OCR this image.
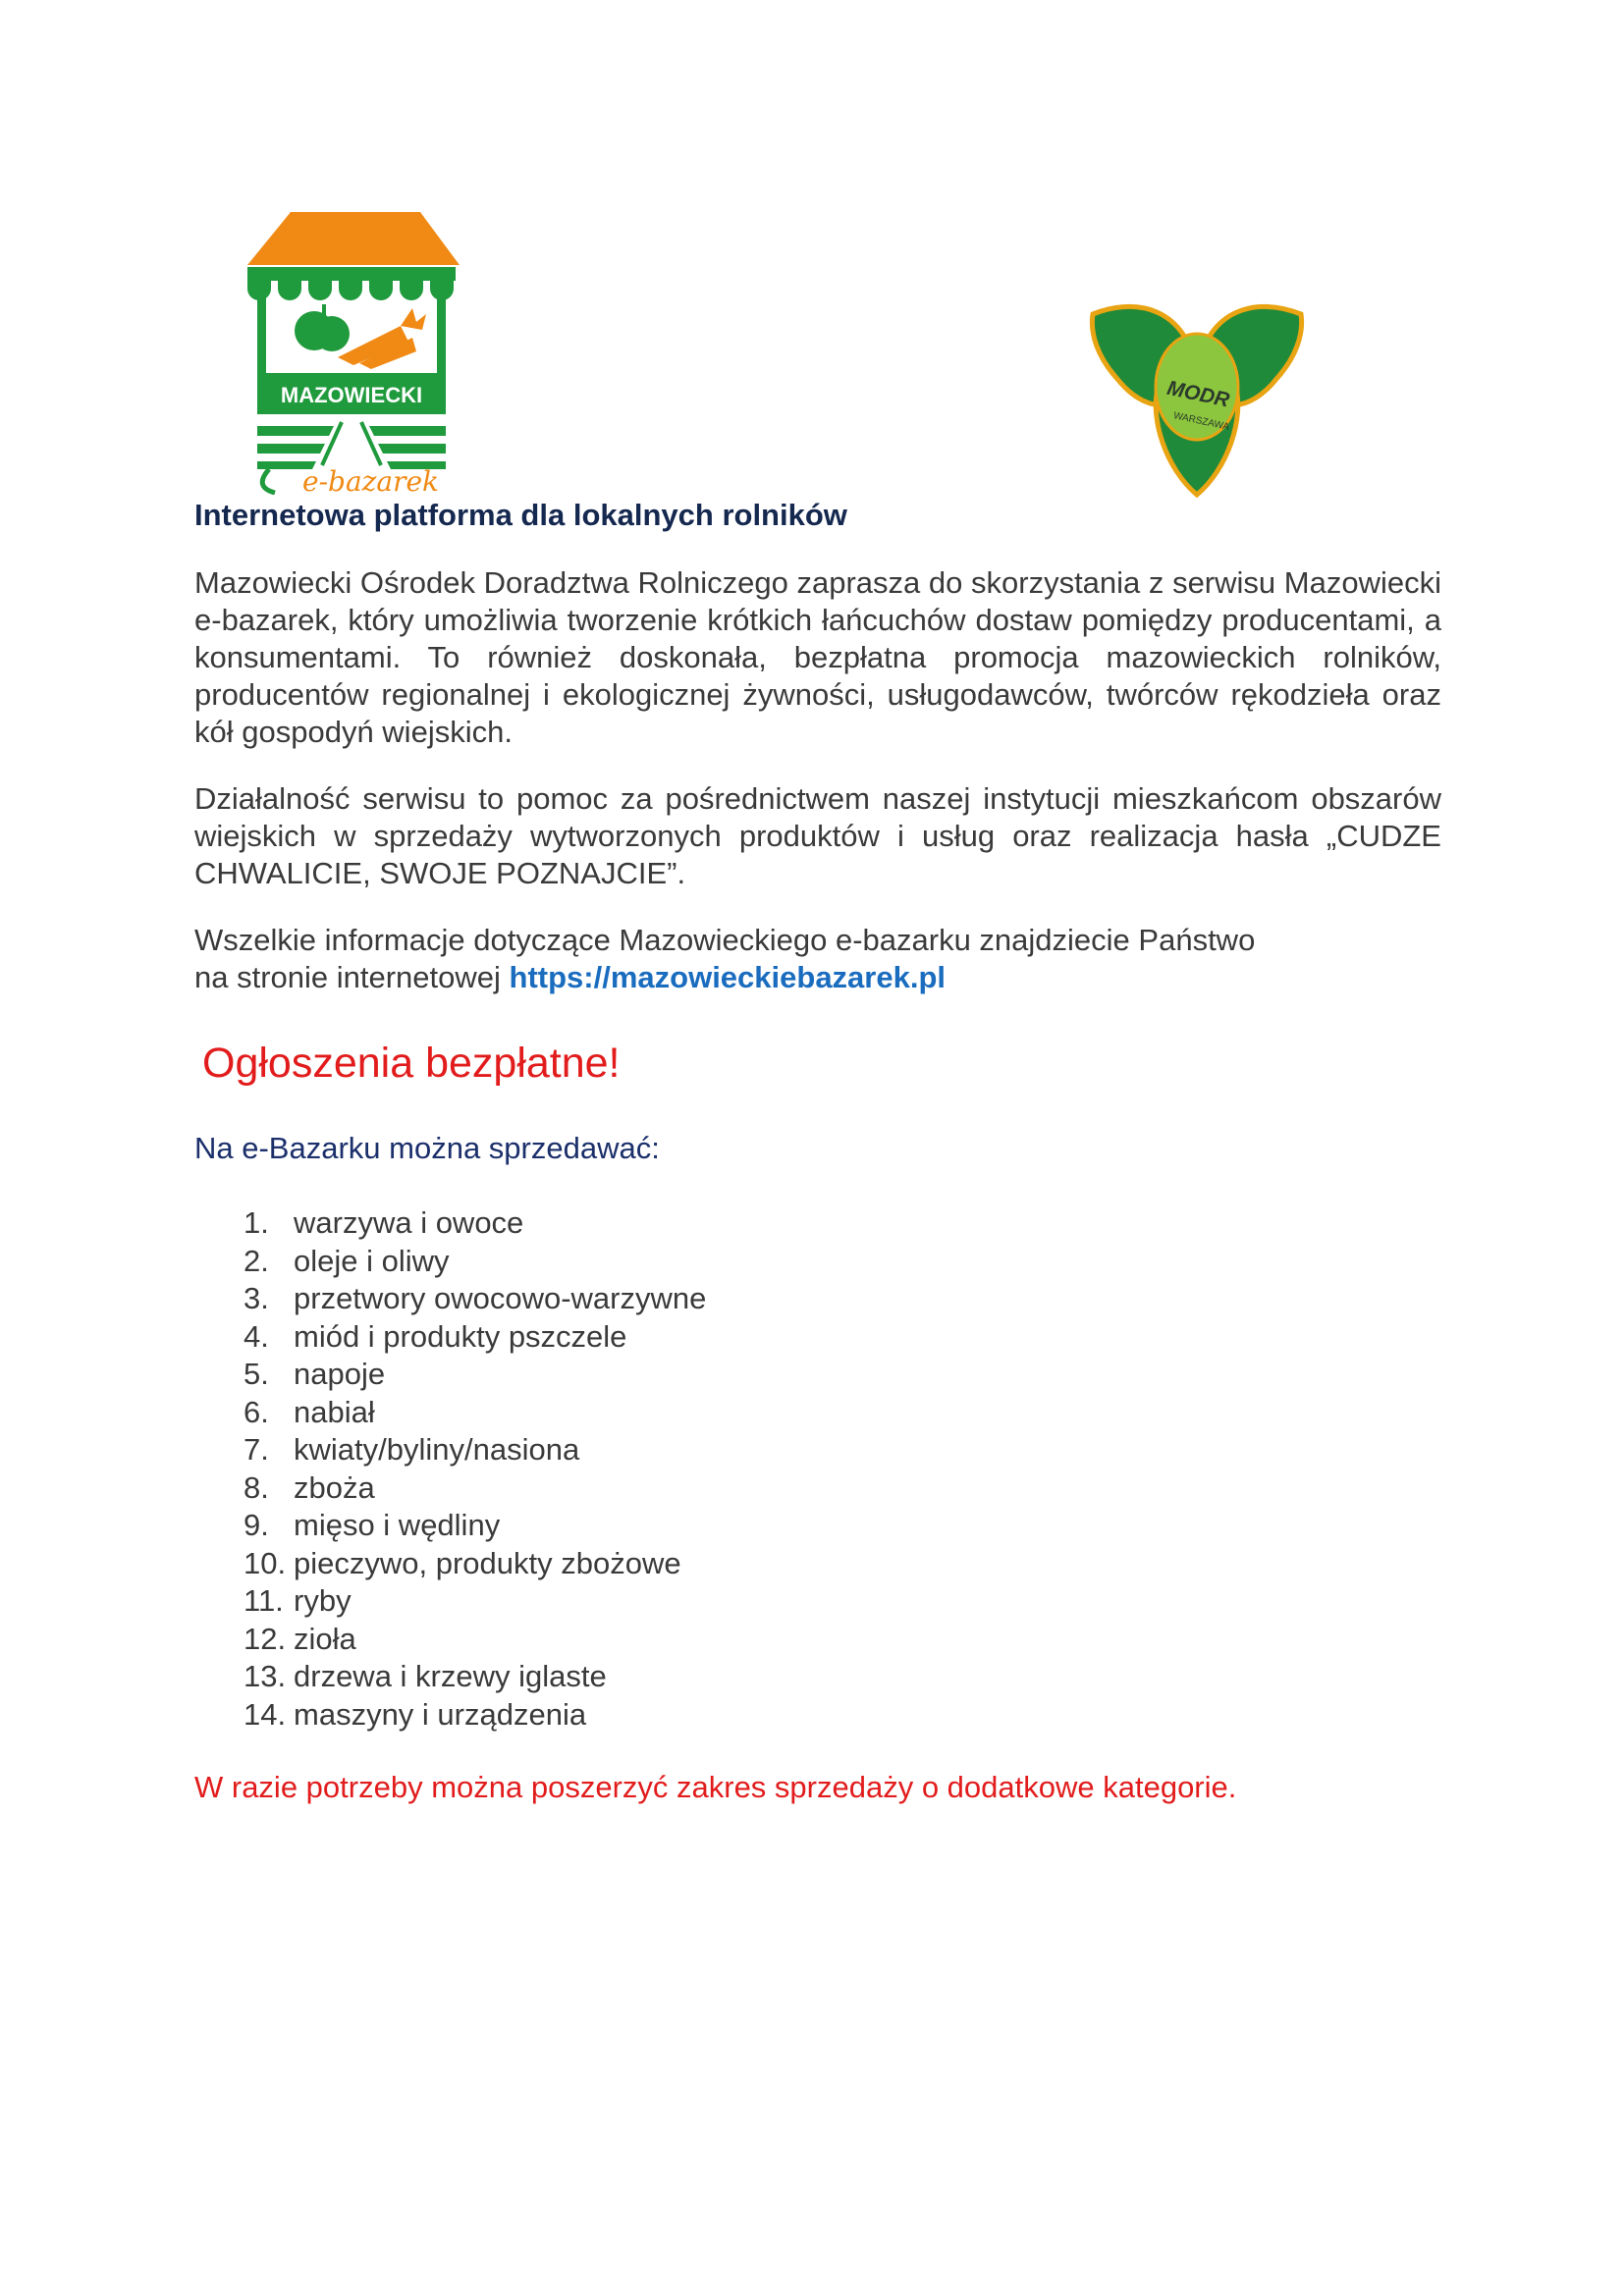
MAZOWIECKI
e-bazarek
MODR
WARSZAWA
Internetowa platforma dla lokalnych rolników

Mazowiecki Ośrodek Doradztwa Rolniczego zaprasza do skorzystania z serwisu Mazowiecki e-bazarek, który umożliwia tworzenie krótkich łańcuchów dostaw pomiędzy producentami, a konsumentami. To również doskonała, bezpłatna promocja mazowieckich rolników, producentów regionalnej i ekologicznej żywności, usługodawców, twórców rękodzieła oraz kół gospodyń wiejskich.

Działalność serwisu to pomoc za pośrednictwem naszej instytucji mieszkańcom obszarów wiejskich w sprzedaży wytworzonych produktów i usług oraz realizacja hasła „CUDZE CHWALICIE, SWOJE POZNAJCIE”.

Wszelkie informacje dotyczące Mazowieckiego e-bazarku znajdziecie Państwo
na stronie internetowej https://mazowieckiebazarek.pl

Ogłoszenia bezpłatne!
Na e-Bazarku można sprzedawać:
1. warzywa i owoce
2. oleje i oliwy
3. przetwory owocowo-warzywne
4. miód i produkty pszczele
5. napoje
6. nabiał
7. kwiaty/byliny/nasiona
8. zboża
9. mięso i wędliny
10. pieczywo, produkty zbożowe
11. ryby
12. zioła
13. drzewa i krzewy iglaste
14. maszyny i urządzenia
W razie potrzeby można poszerzyć zakres sprzedaży o dodatkowe kategorie.
